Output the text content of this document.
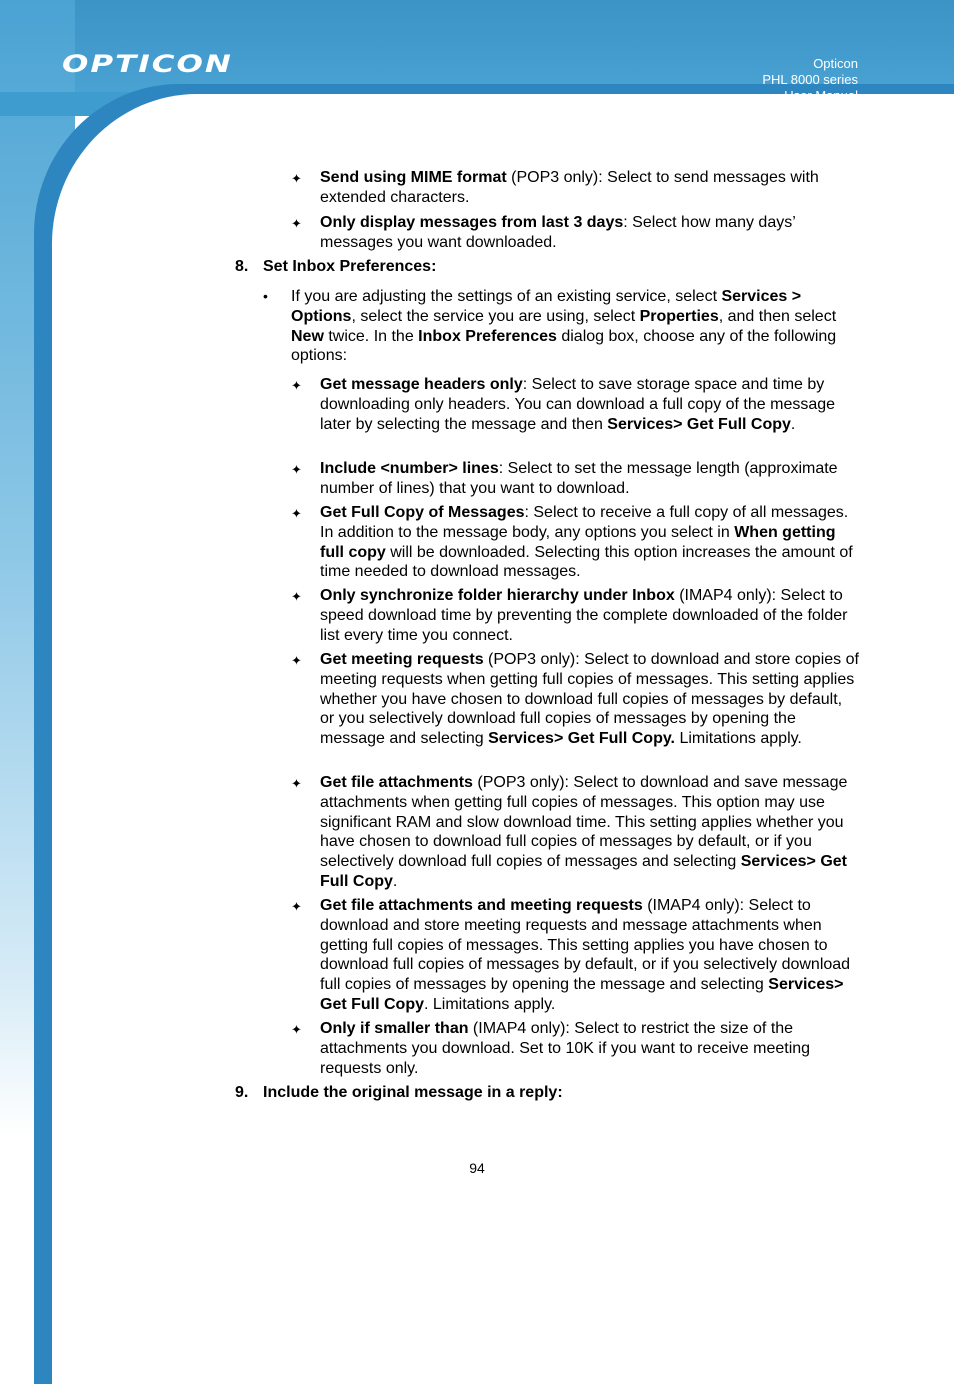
OPTICON	Opticon
PHL 8000 series
User Manual
✦ Send using MIME format (POP3 only): Select to send messages with extended characters.
✦ Only display messages from last 3 days: Select how many days’ messages you want downloaded.
8. Set Inbox Preferences:
• If you are adjusting the settings of an existing service, select Services > Options, select the service you are using, select Properties, and then select New twice. In the Inbox Preferences dialog box, choose any of the following options:
✦ Get message headers only: Select to save storage space and time by downloading only headers. You can download a full copy of the message later by selecting the message and then Services> Get Full Copy.
✦ Include <number> lines: Select to set the message length (approximate number of lines) that you want to download.
✦ Get Full Copy of Messages: Select to receive a full copy of all messages. In addition to the message body, any options you select in When getting full copy will be downloaded. Selecting this option increases the amount of time needed to download messages.
✦ Only synchronize folder hierarchy under Inbox (IMAP4 only): Select to speed download time by preventing the complete downloaded of the folder list every time you connect.
✦ Get meeting requests (POP3 only): Select to download and store copies of meeting requests when getting full copies of messages. This setting applies whether you have chosen to download full copies of messages by default, or you selectively download full copies of messages by opening the message and selecting Services> Get Full Copy. Limitations apply.
✦ Get file attachments (POP3 only): Select to download and save message attachments when getting full copies of messages. This option may use significant RAM and slow download time. This setting applies whether you have chosen to download full copies of messages by default, or if you selectively download full copies of messages and selecting Services> Get Full Copy.
✦ Get file attachments and meeting requests (IMAP4 only): Select to download and store meeting requests and message attachments when getting full copies of messages. This setting applies you have chosen to download full copies of messages by default, or if you selectively download full copies of messages by opening the message and selecting Services> Get Full Copy. Limitations apply.
✦ Only if smaller than (IMAP4 only): Select to restrict the size of the attachments you download. Set to 10K if you want to receive meeting requests only.
9. Include the original message in a reply:
94
